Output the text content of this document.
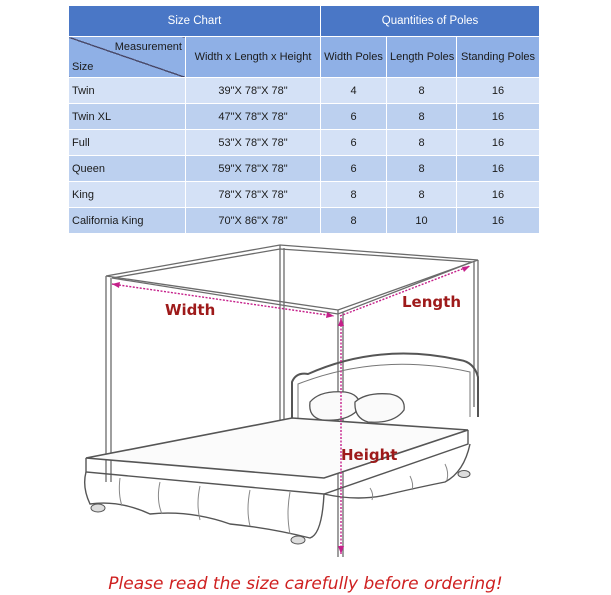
Size Chart		Quantities of Poles		

Measurement
Size	Width x Length x Height	Width Poles	Length Poles	Standing Poles
Twin	39"X 78"X 78"	4	8	16
Twin XL	47"X 78"X 78"	6	8	16
Full	53"X 78"X 78"	6	8	16
Queen	59"X 78"X 78"	6	8	16
King	78"X 78"X 78"	8	8	16
California King	70"X 86"X 78"	8	10	16
Width	Length
Height
Please read the size carefully before ordering!
